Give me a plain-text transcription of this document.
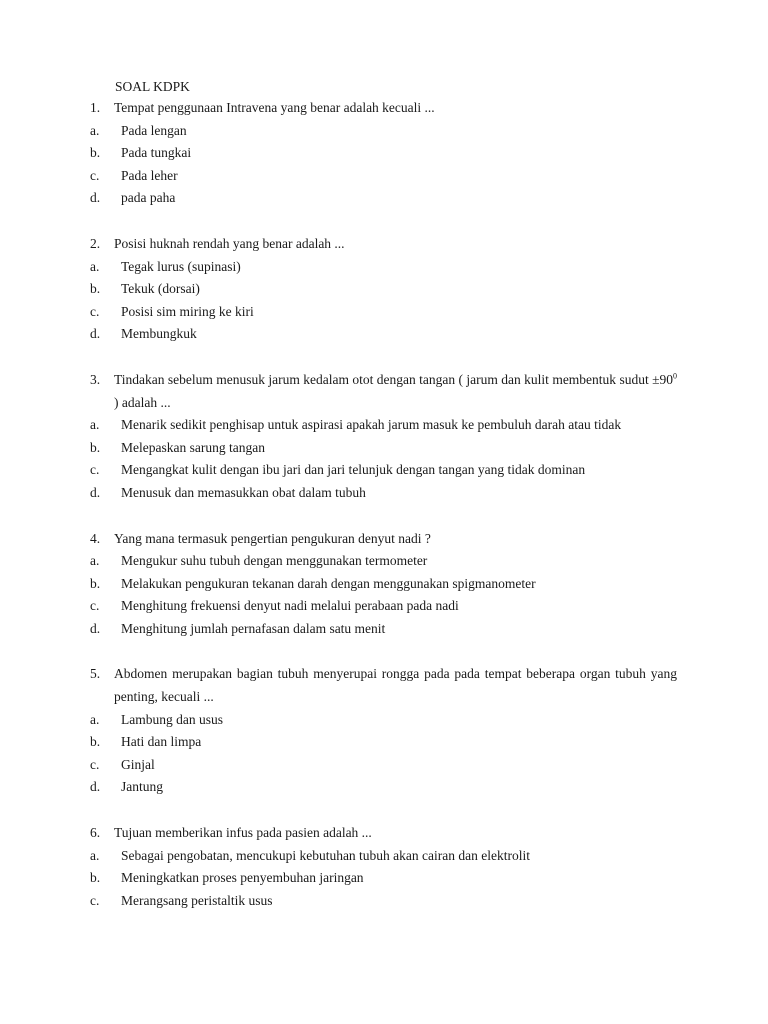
SOAL KDPK
1.	Tempat penggunaan Intravena yang benar adalah kecuali ...
a.	Pada lengan
b.	Pada tungkai
c.	Pada leher
d.	pada paha
2.	Posisi huknah rendah yang benar adalah ...
a.	Tegak lurus (supinasi)
b.	Tekuk (dorsai)
c.	Posisi sim miring ke kiri
d.	Membungkuk
3.	Tindakan sebelum menusuk jarum kedalam otot dengan tangan ( jarum dan kulit membentuk sudut $\pm 90^0$ ) adalah ...
a.	Menarik sedikit penghisap untuk aspirasi apakah jarum masuk ke pembuluh darah atau tidak
b.	Melepaskan sarung tangan
c.	Mengangkat kulit dengan ibu jari dan jari telunjuk dengan tangan yang tidak dominan
d.	Menusuk dan memasukkan obat dalam tubuh
4.	Yang mana termasuk pengertian pengukuran denyut nadi ?
a.	Mengukur suhu tubuh dengan menggunakan termometer
b.	Melakukan pengukuran tekanan darah dengan menggunakan spigmanometer
c.	Menghitung frekuensi denyut nadi melalui perabaan pada nadi
d.	Menghitung jumlah pernafasan dalam satu menit
5.	Abdomen merupakan bagian tubuh menyerupai rongga pada pada tempat beberapa organ tubuh yang penting, kecuali ...
a.	Lambung dan usus
b.	Hati dan limpa
c.	Ginjal
d.	Jantung
6.	Tujuan memberikan infus pada pasien adalah ...
a.	Sebagai pengobatan, mencukupi kebutuhan tubuh akan cairan dan elektrolit
b.	Meningkatkan proses penyembuhan jaringan
c.	Merangsang peristaltik usus
